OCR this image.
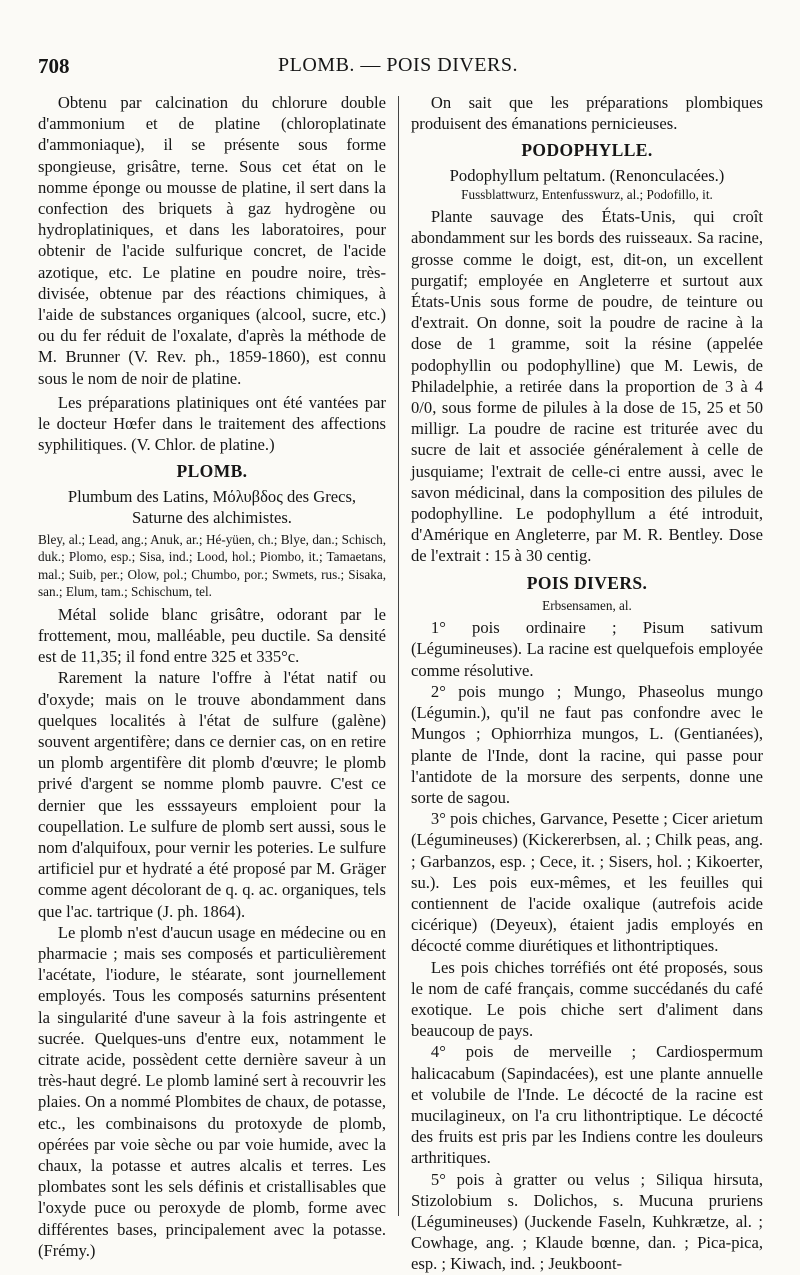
708	PLOMB. — POIS DIVERS.

Obtenu par calcination du chlorure double d'ammonium et de platine (chloroplatinate d'ammoniaque), il se présente sous forme spongieuse, grisâtre, terne. Sous cet état on le nomme éponge ou mousse de platine, il sert dans la confection des briquets à gaz hydrogène ou hydroplatiniques, et dans les laboratoires, pour obtenir de l'acide sulfurique concret, de l'acide azotique, etc. Le platine en poudre noire, très-divisée, obtenue par des réactions chimiques, à l'aide de substances organiques (alcool, sucre, etc.) ou du fer réduit de l'oxalate, d'après la méthode de M. Brunner (V. Rev. ph., 1859-1860), est connu sous le nom de noir de platine.

Les préparations platiniques ont été vantées par le docteur Hœfer dans le traitement des affections syphilitiques. (V. Chlor. de platine.)

PLOMB.

Plumbum des Latins, Μόλυβδος des Grecs,

Saturne des alchimistes.

Bley, al.; Lead, ang.; Anuk, ar.; Hé-yüen, ch.; Blye, dan.; Schisch, duk.; Plomo, esp.; Sisa, ind.; Lood, hol.; Piombo, it.; Tamaetans, mal.; Suib, per.; Olow, pol.; Chumbo, por.; Swmets, rus.; Sisaka, san.; Elum, tam.; Schischum, tel.

Métal solide blanc grisâtre, odorant par le frottement, mou, malléable, peu ductile. Sa densité est de 11,35; il fond entre 325 et 335°c.

Rarement la nature l'offre à l'état natif ou d'oxyde; mais on le trouve abondamment dans quelques localités à l'état de sulfure (galène) souvent argentifère; dans ce dernier cas, on en retire un plomb argentifère dit plomb d'œuvre; le plomb privé d'argent se nomme plomb pauvre. C'est ce dernier que les esssayeurs emploient pour la coupellation. Le sulfure de plomb sert aussi, sous le nom d'alquifoux, pour vernir les poteries. Le sulfure artificiel pur et hydraté a été proposé par M. Gräger comme agent décolorant de q. q. ac. organiques, tels que l'ac. tartrique (J. ph. 1864).

Le plomb n'est d'aucun usage en médecine ou en pharmacie ; mais ses composés et particulièrement l'acétate, l'iodure, le stéarate, sont journellement employés. Tous les composés saturnins présentent la singularité d'une saveur à la fois astringente et sucrée. Quelques-uns d'entre eux, notamment le citrate acide, possèdent cette dernière saveur à un très-haut degré. Le plomb laminé sert à recouvrir les plaies. On a nommé Plombites de chaux, de potasse, etc., les combinaisons du protoxyde de plomb, opérées par voie sèche ou par voie humide, avec la chaux, la potasse et autres alcalis et terres. Les plombates sont les sels définis et cristallisables que l'oxyde puce ou peroxyde de plomb, forme avec différentes bases, principalement avec la potasse. (Frémy.)

On sait que les préparations plombiques produisent des émanations pernicieuses.

PODOPHYLLE.

Podophyllum peltatum. (Renonculacées.)

Fussblattwurz, Entenfusswurz, al.; Podofillo, it.

Plante sauvage des États-Unis, qui croît abondamment sur les bords des ruisseaux. Sa racine, grosse comme le doigt, est, dit-on, un excellent purgatif; employée en Angleterre et surtout aux États-Unis sous forme de poudre, de teinture ou d'extrait. On donne, soit la poudre de racine à la dose de 1 gramme, soit la résine (appelée podophyllin ou podophylline) que M. Lewis, de Philadelphie, a retirée dans la proportion de 3 à 4 0/0, sous forme de pilules à la dose de 15, 25 et 50 milligr. La poudre de racine est triturée avec du sucre de lait et associée généralement à celle de jusquiame; l'extrait de celle-ci entre aussi, avec le savon médicinal, dans la composition des pilules de podophylline. Le podophyllum a été introduit, d'Amérique en Angleterre, par M. R. Bentley. Dose de l'extrait : 15 à 30 centig.

POIS DIVERS.

Erbsensamen, al.

1° pois ordinaire ; Pisum sativum (Légumineuses). La racine est quelquefois employée comme résolutive.

2° pois mungo ; Mungo, Phaseolus mungo (Légumin.), qu'il ne faut pas confondre avec le Mungos ; Ophiorrhiza mungos, L. (Gentianées), plante de l'Inde, dont la racine, qui passe pour l'antidote de la morsure des serpents, donne une sorte de sagou.

3° pois chiches, Garvance, Pesette ; Cicer arietum (Légumineuses) (Kickererbsen, al. ; Chilk peas, ang. ; Garbanzos, esp. ; Cece, it. ; Sisers, hol. ; Kikoerter, su.). Les pois eux-mêmes, et les feuilles qui contiennent de l'acide oxalique (autrefois acide cicérique) (Deyeux), étaient jadis employés en décocté comme diurétiques et lithontriptiques.

Les pois chiches torréfiés ont été proposés, sous le nom de café français, comme succédanés du café exotique. Le pois chiche sert d'aliment dans beaucoup de pays.

4° pois de merveille ; Cardiospermum halicacabum (Sapindacées), est une plante annuelle et volubile de l'Inde. Le décocté de la racine est mucilagineux, on l'a cru lithontriptique. Le décocté des fruits est pris par les Indiens contre les douleurs arthritiques.

5° pois à gratter ou velus ; Siliqua hirsuta, Stizolobium s. Dolichos, s. Mucuna pruriens (Légumineuses) (Juckende Faseln, Kuhkrætze, al. ; Cowhage, ang. ; Klaude bœnne, dan. ; Pica-pica, esp. ; Kiwach, ind. ; Jeukboont-
